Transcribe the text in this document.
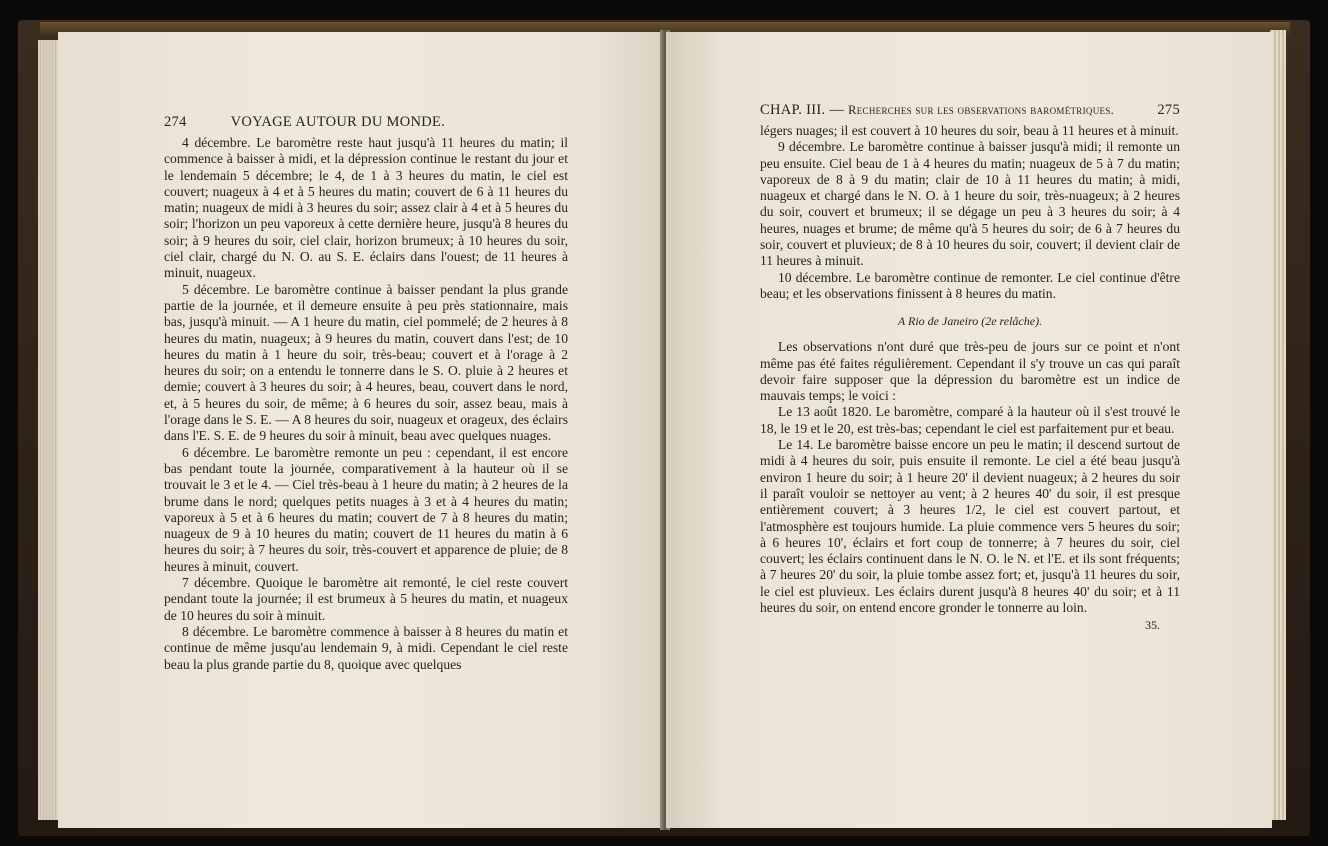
274	VOYAGE AUTOUR DU MONDE.

4 décembre. Le baromètre reste haut jusqu'à 11 heures du matin; il commence à baisser à midi, et la dépression continue le restant du jour et le lendemain 5 décembre; le 4, de 1 à 3 heures du matin, le ciel est couvert; nuageux à 4 et à 5 heures du matin; couvert de 6 à 11 heures du matin; nuageux de midi à 3 heures du soir; assez clair à 4 et à 5 heures du soir; l'horizon un peu vaporeux à cette dernière heure, jusqu'à 8 heures du soir; à 9 heures du soir, ciel clair, horizon brumeux; à 10 heures du soir, ciel clair, chargé du N. O. au S. E. éclairs dans l'ouest; de 11 heures à minuit, nuageux.

5 décembre. Le baromètre continue à baisser pendant la plus grande partie de la journée, et il demeure ensuite à peu près stationnaire, mais bas, jusqu'à minuit. — A 1 heure du matin, ciel pommelé; de 2 heures à 8 heures du matin, nuageux; à 9 heures du matin, couvert dans l'est; de 10 heures du matin à 1 heure du soir, très-beau; couvert et à l'orage à 2 heures du soir; on a entendu le tonnerre dans le S. O. pluie à 2 heures et demie; couvert à 3 heures du soir; à 4 heures, beau, couvert dans le nord, et, à 5 heures du soir, de même; à 6 heures du soir, assez beau, mais à l'orage dans le S. E. — A 8 heures du soir, nuageux et orageux, des éclairs dans l'E. S. E. de 9 heures du soir à minuit, beau avec quelques nuages.

6 décembre. Le baromètre remonte un peu : cependant, il est encore bas pendant toute la journée, comparativement à la hauteur où il se trouvait le 3 et le 4. — Ciel très-beau à 1 heure du matin; à 2 heures de la brume dans le nord; quelques petits nuages à 3 et à 4 heures du matin; vaporeux à 5 et à 6 heures du matin; couvert de 7 à 8 heures du matin; nuageux de 9 à 10 heures du matin; couvert de 11 heures du matin à 6 heures du soir; à 7 heures du soir, très-couvert et apparence de pluie; de 8 heures à minuit, couvert.

7 décembre. Quoique le baromètre ait remonté, le ciel reste couvert pendant toute la journée; il est brumeux à 5 heures du matin, et nuageux de 10 heures du soir à minuit.

8 décembre. Le baromètre commence à baisser à 8 heures du matin et continue de même jusqu'au lendemain 9, à midi. Cependant le ciel reste beau la plus grande partie du 8, quoique avec quelques

CHAP. III. — Recherches sur les observations barométriques.	275

légers nuages; il est couvert à 10 heures du soir, beau à 11 heures et à minuit.

9 décembre. Le baromètre continue à baisser jusqu'à midi; il remonte un peu ensuite. Ciel beau de 1 à 4 heures du matin; nuageux de 5 à 7 du matin; vaporeux de 8 à 9 du matin; clair de 10 à 11 heures du matin; à midi, nuageux et chargé dans le N. O. à 1 heure du soir, très-nuageux; à 2 heures du soir, couvert et brumeux; il se dégage un peu à 3 heures du soir; à 4 heures, nuages et brume; de même qu'à 5 heures du soir; de 6 à 7 heures du soir, couvert et pluvieux; de 8 à 10 heures du soir, couvert; il devient clair de 11 heures à minuit.

10 décembre. Le baromètre continue de remonter. Le ciel continue d'être beau; et les observations finissent à 8 heures du matin.

A Rio de Janeiro (2e relâche).

Les observations n'ont duré que très-peu de jours sur ce point et n'ont même pas été faites régulièrement. Cependant il s'y trouve un cas qui paraît devoir faire supposer que la dépression du baromètre est un indice de mauvais temps; le voici :

Le 13 août 1820. Le baromètre, comparé à la hauteur où il s'est trouvé le 18, le 19 et le 20, est très-bas; cependant le ciel est parfaitement pur et beau.

Le 14. Le baromètre baisse encore un peu le matin; il descend surtout de midi à 4 heures du soir, puis ensuite il remonte. Le ciel a été beau jusqu'à environ 1 heure du soir; à 1 heure 20' il devient nuageux; à 2 heures du soir il paraît vouloir se nettoyer au vent; à 2 heures 40' du soir, il est presque entièrement couvert; à 3 heures 1/2, le ciel est couvert partout, et l'atmosphère est toujours humide. La pluie commence vers 5 heures du soir; à 6 heures 10', éclairs et fort coup de tonnerre; à 7 heures du soir, ciel couvert; les éclairs continuent dans le N. O. le N. et l'E. et ils sont fréquents; à 7 heures 20' du soir, la pluie tombe assez fort; et, jusqu'à 11 heures du soir, le ciel est pluvieux. Les éclairs durent jusqu'à 8 heures 40' du soir; et à 11 heures du soir, on entend encore gronder le tonnerre au loin.

35.
